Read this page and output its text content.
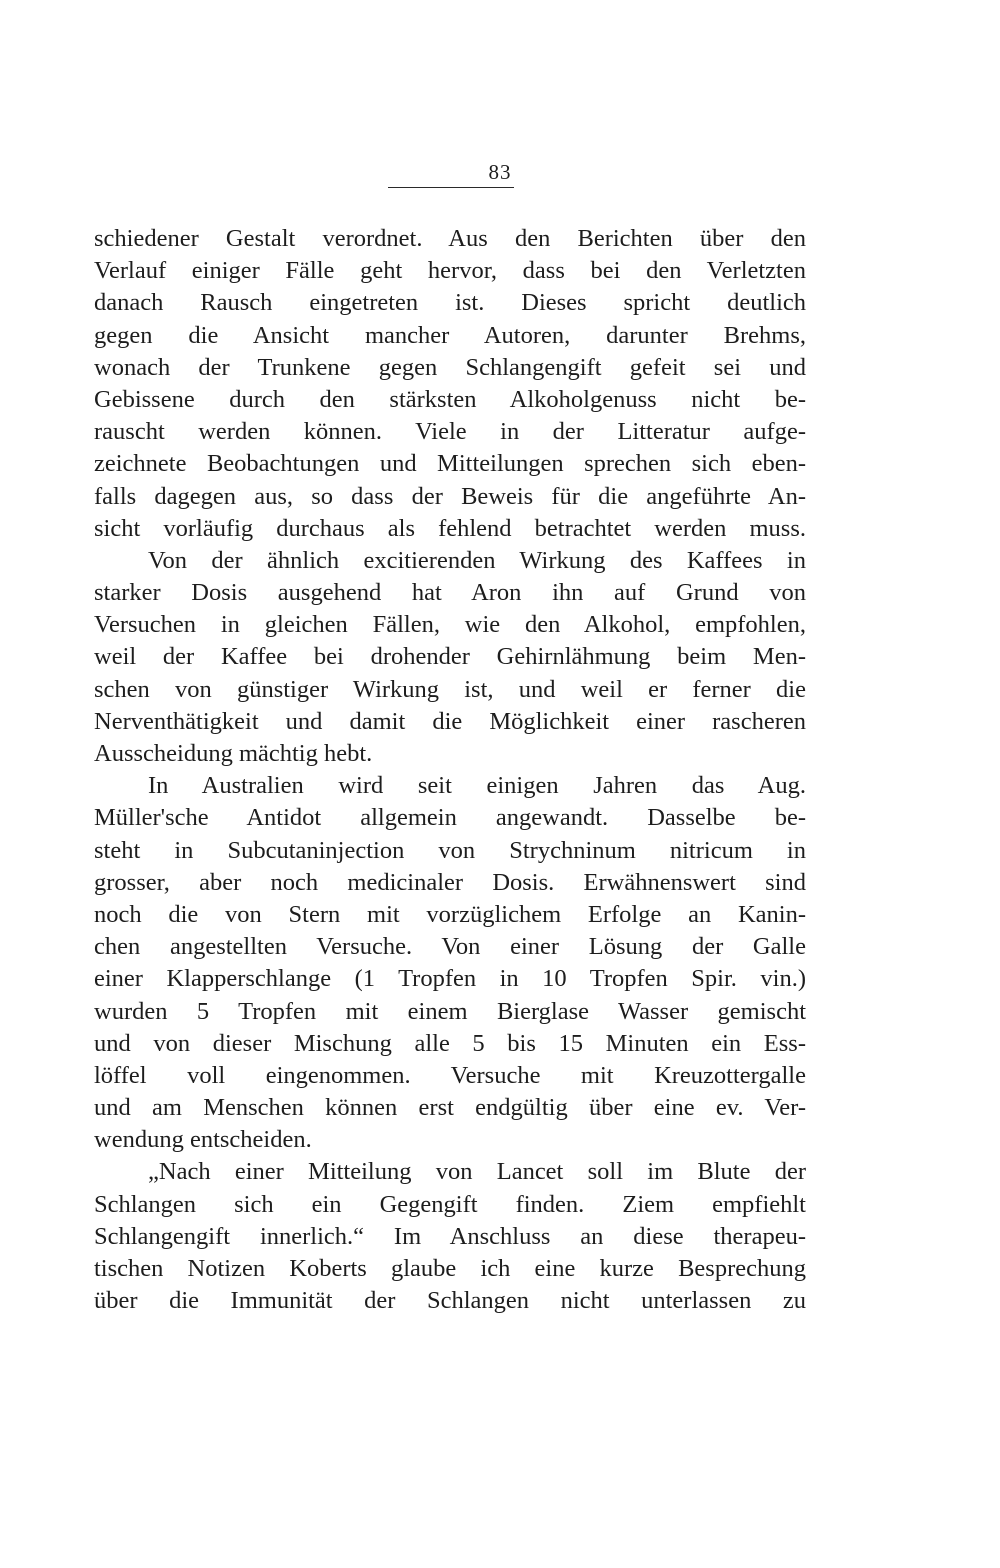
83
schiedener Gestalt verordnet. Aus den Berichten über den
Verlauf einiger Fälle geht hervor, dass bei den Verletzten
danach Rausch eingetreten ist. Dieses spricht deutlich
gegen die Ansicht mancher Autoren, darunter Brehms,
wonach der Trunkene gegen Schlangengift gefeit sei und
Gebissene durch den stärksten Alkoholgenuss nicht be-
rauscht werden können. Viele in der Litteratur aufge-
zeichnete Beobachtungen und Mitteilungen sprechen sich eben-
falls dagegen aus, so dass der Beweis für die angeführte An-
sicht vorläufig durchaus als fehlend betrachtet werden muss.
Von der ähnlich excitierenden Wirkung des Kaffees in
starker Dosis ausgehend hat Aron ihn auf Grund von
Versuchen in gleichen Fällen, wie den Alkohol, empfohlen,
weil der Kaffee bei drohender Gehirnlähmung beim Men-
schen von günstiger Wirkung ist, und weil er ferner die
Nerventhätigkeit und damit die Möglichkeit einer rascheren
Ausscheidung mächtig hebt.
In Australien wird seit einigen Jahren das Aug.
Müller'sche Antidot allgemein angewandt. Dasselbe be-
steht in Subcutaninjection von Strychninum nitricum in
grosser, aber noch medicinaler Dosis. Erwähnenswert sind
noch die von Stern mit vorzüglichem Erfolge an Kanin-
chen angestellten Versuche. Von einer Lösung der Galle
einer Klapperschlange (1 Tropfen in 10 Tropfen Spir. vin.)
wurden 5 Tropfen mit einem Bierglase Wasser gemischt
und von dieser Mischung alle 5 bis 15 Minuten ein Ess-
löffel voll eingenommen. Versuche mit Kreuzottergalle
und am Menschen können erst endgültig über eine ev. Ver-
wendung entscheiden.
„Nach einer Mitteilung von Lancet soll im Blute der
Schlangen sich ein Gegengift finden. Ziem empfiehlt
Schlangengift innerlich.“ Im Anschluss an diese therapeu-
tischen Notizen Koberts glaube ich eine kurze Besprechung
über die Immunität der Schlangen nicht unterlassen zu
